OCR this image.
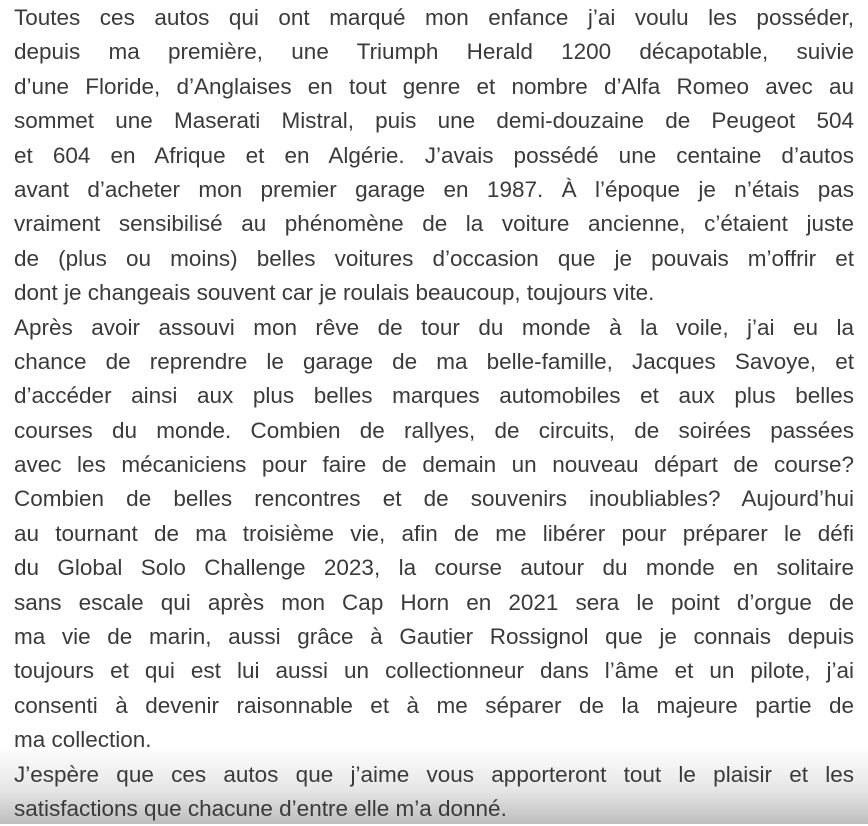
Toutes ces autos qui ont marqué mon enfance j’ai voulu les posséder,
depuis ma première, une Triumph Herald 1200 décapotable, suivie
d’une Floride, d’Anglaises en tout genre et nombre d’Alfa Romeo avec au
sommet une Maserati Mistral, puis une demi-douzaine de Peugeot 504
et 604 en Afrique et en Algérie. J’avais possédé une centaine d’autos
avant d’acheter mon premier garage en 1987. À l’époque je n’étais pas
vraiment sensibilisé au phénomène de la voiture ancienne, c’étaient juste
de (plus ou moins) belles voitures d’occasion que je pouvais m’offrir et
dont je changeais souvent car je roulais beaucoup, toujours vite.
Après avoir assouvi mon rêve de tour du monde à la voile, j’ai eu la
chance de reprendre le garage de ma belle-famille, Jacques Savoye, et
d’accéder ainsi aux plus belles marques automobiles et aux plus belles
courses du monde. Combien de rallyes, de circuits, de soirées passées
avec les mécaniciens pour faire de demain un nouveau départ de course?
Combien de belles rencontres et de souvenirs inoubliables? Aujourd’hui
au tournant de ma troisième vie, afin de me libérer pour préparer le défi
du Global Solo Challenge 2023, la course autour du monde en solitaire
sans escale qui après mon Cap Horn en 2021 sera le point d’orgue de
ma vie de marin, aussi grâce à Gautier Rossignol que je connais depuis
toujours et qui est lui aussi un collectionneur dans l’âme et un pilote, j’ai
consenti à devenir raisonnable et à me séparer de la majeure partie de
ma collection.
J’espère que ces autos que j’aime vous apporteront tout le plaisir et les
satisfactions que chacune d’entre elle m’a donné.
